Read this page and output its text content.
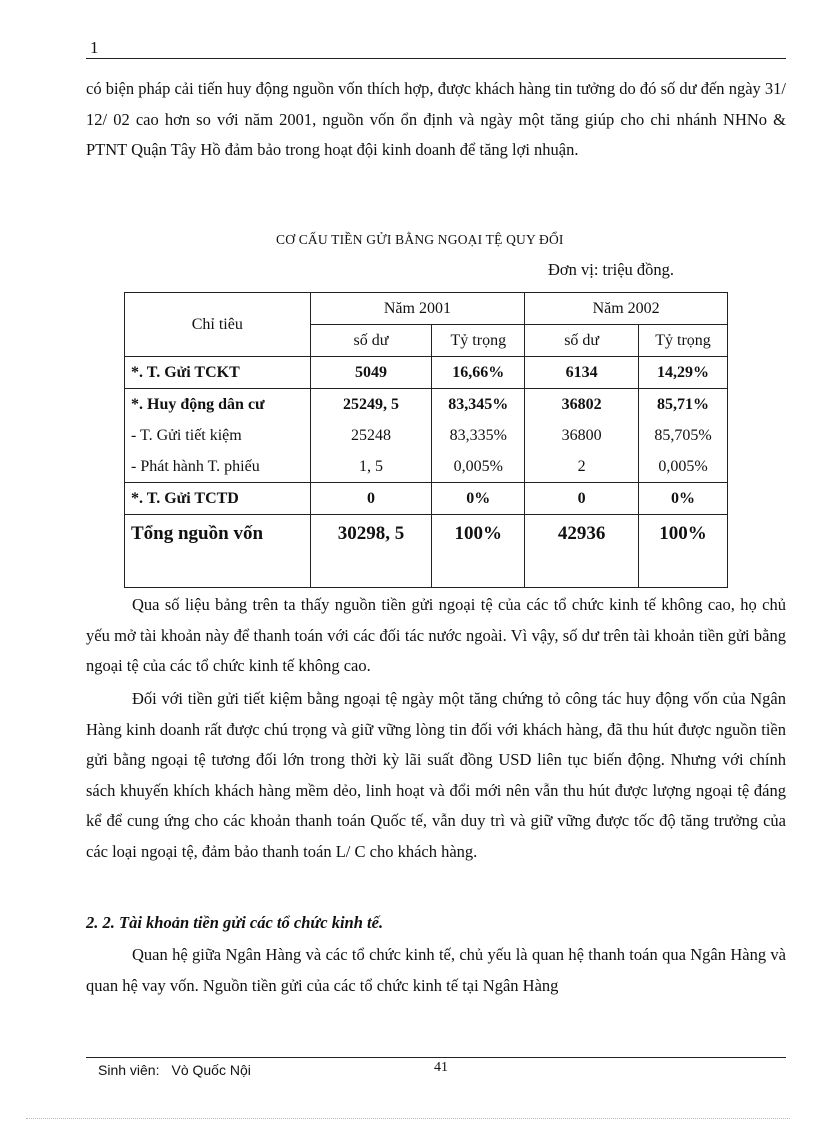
1

có biện pháp cải tiến huy động nguồn vốn thích hợp, được khách hàng tin tưởng do đó số dư đến ngày 31/ 12/ 02 cao hơn so với năm 2001, nguồn vốn ổn định và ngày một tăng giúp cho chi nhánh NHNo & PTNT Quận Tây Hồ đảm bảo trong hoạt đội kinh doanh để tăng lợi nhuận.

CƠ CẤU TIỀN GỬI BẰNG NGOẠI TỆ QUY ĐỔI
Đơn vị: triệu đồng.
Chỉ tiêu	Năm 2001		Năm 2002	
	số dư	Tỷ trọng	số dư	Tỷ trọng
*. T. Gửi TCKT	5049	16,66%	6134	14,29%
*. Huy động dân cư	25249, 5	83,345%	36802	85,71%
- T. Gửi tiết kiệm	25248	83,335%	36800	85,705%
- Phát hành T. phiếu	1, 5	0,005%	2	0,005%
*. T. Gửi TCTD	0	0%	0	0%
Tổng nguồn vốn	30298, 5	100%	42936	100%

Qua số liệu bảng trên ta thấy nguồn tiền gửi ngoại tệ của các tổ chức kinh tế không cao, họ chủ yếu mở tài khoản này để thanh toán với các đối tác nước ngoài. Vì vậy, số dư trên tài khoản tiền gửi bằng ngoại tệ của các tổ chức kinh tế không cao.

Đối với tiền gửi tiết kiệm bằng ngoại tệ ngày một tăng chứng tỏ công tác huy động vốn của Ngân Hàng kinh doanh rất được chú trọng và giữ vững lòng tin đối với khách hàng, đã thu hút được nguồn tiền gửi bằng ngoại tệ tương đối lớn trong thời kỳ lãi suất đồng USD liên tục biến động. Nhưng với chính sách khuyến khích khách hàng mềm dẻo, linh hoạt và đổi mới nên vẫn thu hút được lượng ngoại tệ đáng kể để cung ứng cho các khoản thanh toán Quốc tế, vẫn duy trì và giữ vững được tốc độ tăng trưởng của các loại ngoại tệ, đảm bảo thanh toán L/ C cho khách hàng.

2. 2. Tài khoản tiền gửi các tổ chức kinh tế.

Quan hệ giữa Ngân Hàng và các tổ chức kinh tế, chủ yếu là quan hệ thanh toán qua Ngân Hàng và quan hệ vay vốn. Nguồn tiền gửi của các tổ chức kinh tế tại Ngân Hàng

Sinh viên: Vò Quốc Nội	41
